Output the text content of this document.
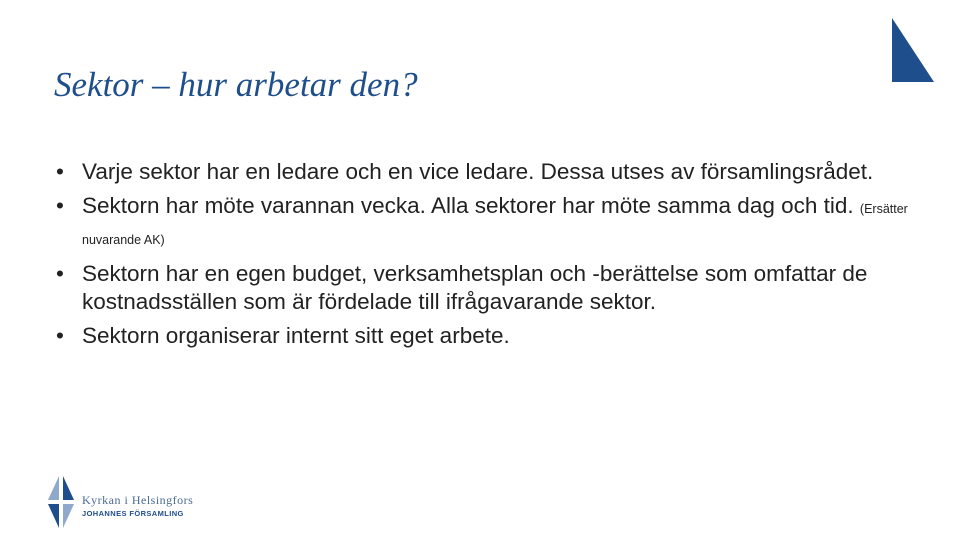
Sektor – hur arbetar den?
• Varje sektor har en ledare och en vice ledare. Dessa utses av församlingsrådet.
• Sektorn har möte varannan vecka. Alla sektorer har möte samma dag och tid. (Ersätter nuvarande AK)
• Sektorn har en egen budget, verksamhetsplan och -berättelse som omfattar de kostnadsställen som är fördelade till ifrågavarande sektor.
• Sektorn organiserar internt sitt eget arbete.
Kyrkan i Helsingfors
JOHANNES FÖRSAMLING
